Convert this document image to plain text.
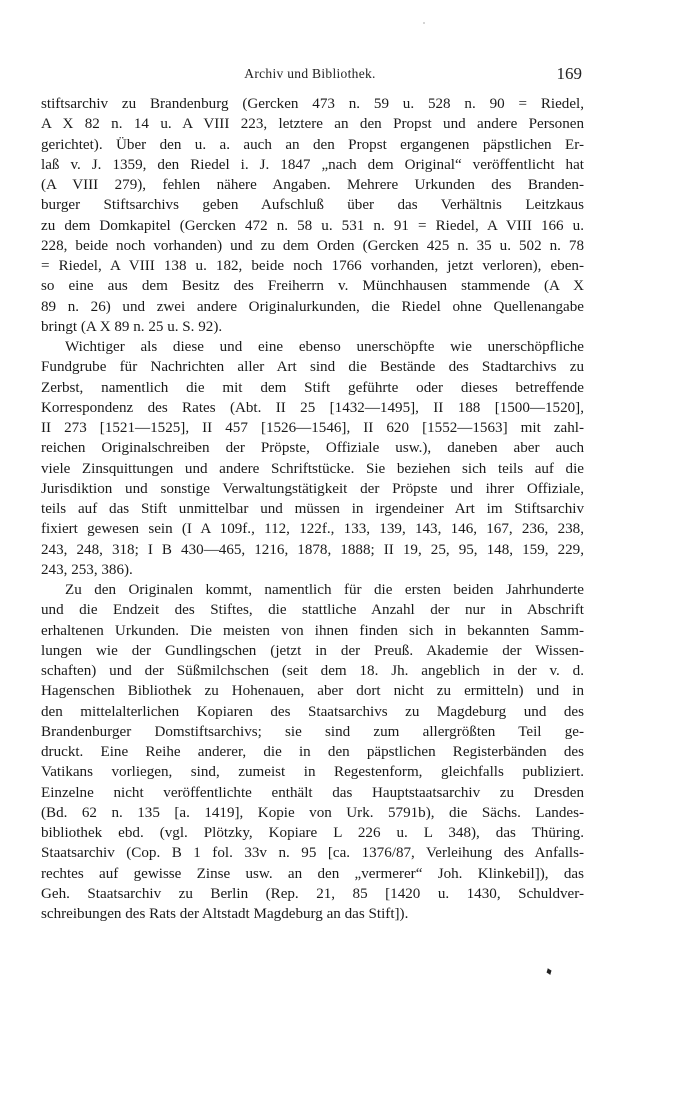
Archiv und Bibliothek.	169
stiftsarchiv zu Brandenburg (Gercken 473 n. 59 u. 528 n. 90 = Riedel,
A X 82 n. 14 u. A VIII 223, letztere an den Propst und andere Personen
gerichtet). Über den u. a. auch an den Propst ergangenen päpstlichen Er-
laß v. J. 1359, den Riedel i. J. 1847 „nach dem Original“ veröffentlicht hat
(A VIII 279), fehlen nähere Angaben. Mehrere Urkunden des Branden-
burger Stiftsarchivs geben Aufschluß über das Verhältnis Leitzkaus
zu dem Domkapitel (Gercken 472 n. 58 u. 531 n. 91 = Riedel, A VIII 166 u.
228, beide noch vorhanden) und zu dem Orden (Gercken 425 n. 35 u. 502 n. 78
= Riedel, A VIII 138 u. 182, beide noch 1766 vorhanden, jetzt verloren), eben-
so eine aus dem Besitz des Freiherrn v. Münchhausen stammende (A X
89 n. 26) und zwei andere Originalurkunden, die Riedel ohne Quellenangabe
bringt (A X 89 n. 25 u. S. 92).
Wichtiger als diese und eine ebenso unerschöpfte wie unerschöpfliche
Fundgrube für Nachrichten aller Art sind die Bestände des Stadtarchivs zu
Zerbst, namentlich die mit dem Stift geführte oder dieses betreffende
Korrespondenz des Rates (Abt. II 25 [1432—1495], II 188 [1500—1520],
II 273 [1521—1525], II 457 [1526—1546], II 620 [1552—1563] mit zahl-
reichen Originalschreiben der Pröpste, Offiziale usw.), daneben aber auch
viele Zinsquittungen und andere Schriftstücke. Sie beziehen sich teils auf die
Jurisdiktion und sonstige Verwaltungstätigkeit der Pröpste und ihrer Offiziale,
teils auf das Stift unmittelbar und müssen in irgendeiner Art im Stiftsarchiv
fixiert gewesen sein (I A 109f., 112, 122f., 133, 139, 143, 146, 167, 236, 238,
243, 248, 318; I B 430—465, 1216, 1878, 1888; II 19, 25, 95, 148, 159, 229,
243, 253, 386).
Zu den Originalen kommt, namentlich für die ersten beiden Jahrhunderte
und die Endzeit des Stiftes, die stattliche Anzahl der nur in Abschrift
erhaltenen Urkunden. Die meisten von ihnen finden sich in bekannten Samm-
lungen wie der Gundlingschen (jetzt in der Preuß. Akademie der Wissen-
schaften) und der Süßmilchschen (seit dem 18. Jh. angeblich in der v. d.
Hagenschen Bibliothek zu Hohenauen, aber dort nicht zu ermitteln) und in
den mittelalterlichen Kopiaren des Staatsarchivs zu Magdeburg und des
Brandenburger Domstiftsarchivs; sie sind zum allergrößten Teil ge-
druckt. Eine Reihe anderer, die in den päpstlichen Registerbänden des
Vatikans vorliegen, sind, zumeist in Regestenform, gleichfalls publiziert.
Einzelne nicht veröffentlichte enthält das Hauptstaatsarchiv zu Dresden
(Bd. 62 n. 135 [a. 1419], Kopie von Urk. 5791b), die Sächs. Landes-
bibliothek ebd. (vgl. Plötzky, Kopiare L 226 u. L 348), das Thüring.
Staatsarchiv (Cop. B 1 fol. 33v n. 95 [ca. 1376/87, Verleihung des Anfalls-
rechtes auf gewisse Zinse usw. an den „vermerer“ Joh. Klinkebil]), das
Geh. Staatsarchiv zu Berlin (Rep. 21, 85 [1420 u. 1430, Schuldver-
schreibungen des Rats der Altstadt Magdeburg an das Stift]).
♦
